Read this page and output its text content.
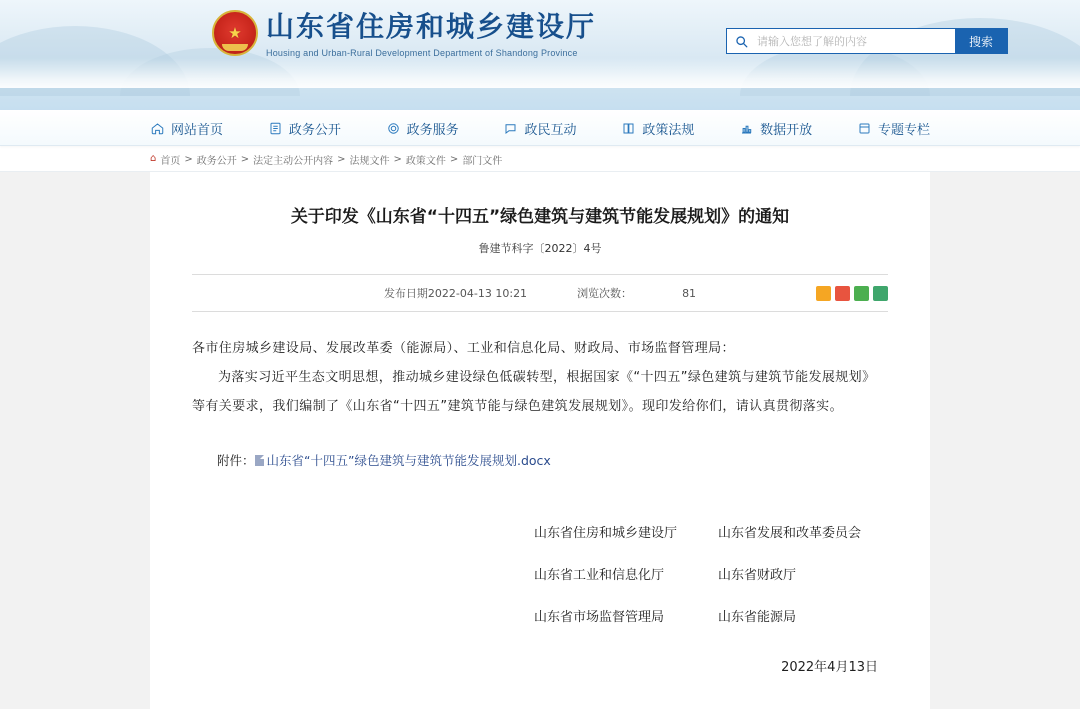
★ 山东省住房和城乡建设厅
Housing and Urban-Rural Development Department of Shandong Province
请输入您想了解的内容
搜索
网站首页	政务公开	政务服务	政民互动	政策法规	数据开放	专题专栏
⌂ 首页 > 政务公开 > 法定主动公开内容 > 法规文件 > 政策文件 > 部门文件
关于印发《山东省“十四五”绿色建筑与建筑节能发展规划》的通知
鲁建节科字〔2022〕4号
发布日期2022-04-13 10:21	浏览次数：	81

各市住房城乡建设局、发展改革委（能源局）、工业和信息化局、财政局、市场监督管理局：

为落实习近平生态文明思想，推动城乡建设绿色低碳转型，根据国家《“十四五”绿色建筑与建筑节能发展规划》等有关要求，我们编制了《山东省“十四五”建筑节能与绿色建筑发展规划》。现印发给你们，请认真贯彻落实。

附件： 山东省“十四五”绿色建筑与建筑节能发展规划.docx
山东省住房和城乡建设厅	山东省发展和改革委员会
山东省工业和信息化厅	山东省财政厅
山东省市场监督管理局	山东省能源局
2022年4月13日
